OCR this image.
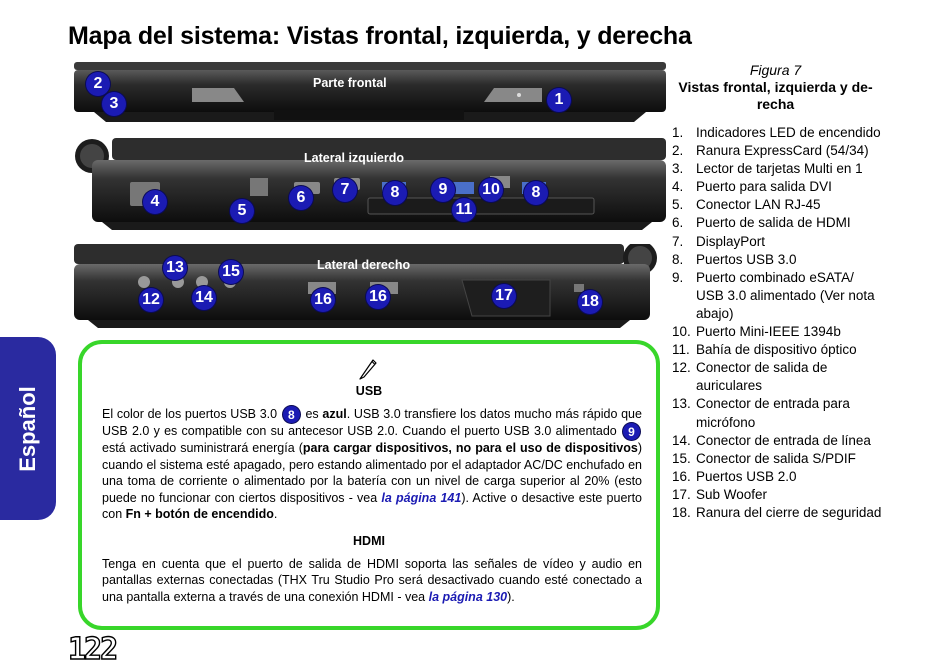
Mapa del sistema: Vistas frontal, izquierda, y derecha
Español
Parte frontal
2
3	1
Lateral izquierdo
4
5
6	7	8	9	10	8
11
Lateral derecho
13 15
12 14	16 16	17	18
Figura 7
Vistas frontal, izquierda y de-recha
1. Indicadores LED de encendido
2. Ranura ExpressCard (54/34)
3. Lector de tarjetas Multi en 1
4. Puerto para salida DVI
5. Conector LAN RJ-45
6. Puerto de salida de HDMI
7. DisplayPort
8. Puertos USB 3.0
9. Puerto combinado eSATA/ USB 3.0 alimentado (Ver nota abajo)
10. Puerto Mini-IEEE 1394b
11. Bahía de dispositivo óptico
12. Conector de salida de auriculares
13. Conector de entrada para micrófono
14. Conector de entrada de línea
15. Conector de salida S/PDIF
16. Puertos USB 2.0
17. Sub Woofer
18. Ranura del cierre de seguridad
USB
El color de los puertos USB 3.0 8 es azul. USB 3.0 transfiere los datos mucho más rápido que USB 2.0 y es compatible con su antecesor USB 2.0. Cuando el puerto USB 3.0 alimentado 9 está activado suministrará energía (para cargar dispositivos, no para el uso de dispositivos) cuando el sistema esté apagado, pero estando alimentado por el adaptador AC/DC enchufado en una toma de corriente o alimentado por la batería con un nivel de carga superior al 20% (esto puede no funcionar con ciertos dispositivos - vea la página 141). Active o desactive este puerto con Fn + botón de encendido.
HDMI
Tenga en cuenta que el puerto de salida de HDMI soporta las señales de vídeo y audio en pantallas externas conectadas (THX Tru Studio Pro será desactivado cuando esté conectado a una pantalla externa a través de una conexión HDMI - vea la página 130).
122
